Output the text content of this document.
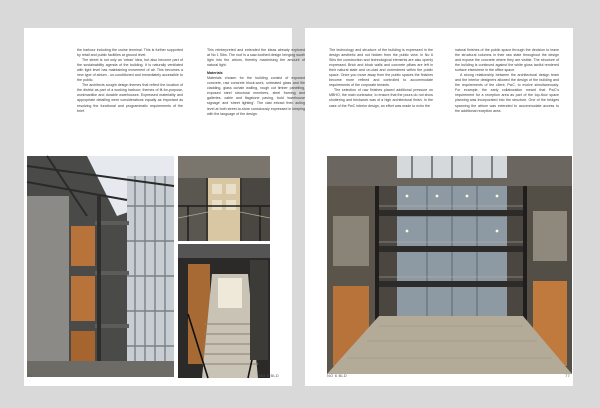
the harbour including the cruise terminal. This is further supported by retail and public facilities at ground level.

The street is not only an 'urban' idea, but also become part of the sustainability agenda of the building. It is naturally ventilated with light level has maintaining movement of air. This becomes a new type of atrium - un-conditioned and immediately accessible to the public.

The architects sought design themes that reflect the location of the district as part of a working harbour; themes of fit-for-purpose, workmanlike and durable warehouses. Expressed materiality and appropriate detailing were considerations equally as important as resolving the functional and programmatic requirements of the brief.

This reinterpreted and extended the ideas already explored at No 1 Sibs. The roof is a saw-toothed design bringing south light into the atrium, thereby maximising the amount of natural light.

Materials

Materials chosen for the building consist of exposed concrete, raw concrete block-work, untreated glass and tile cladding, glass curtain walling, rough cut timber panelling, exposed steel structural members, steel framing and galleries, cable and flagstone paving, bold 'warehouse signage' and 'street lighting'. The vast extract then acting level at both street-to-store consciously expressed in keeping with the language of the design.

76	NO 6 BLD

The technology and structure of the building is expressed in the design aesthetic and not hidden from the public view. In No 6 Sibs the construction and technological elements are also openly expressed. Brick and block walls and concrete pillars are left in their natural state and un-clad and unrendered within the public space. Once you move away from the public spaces the finishes become more refined and controlled to accommodate requirements of the corporate tenants.

The selection of raw finishes placed additional pressure on MBHO, the main contractor, to ensure that the pours do not show shuttering and brickwork was of a high architectural finish. In the case of the PwC interior design, an effort was made to echo the

natural finishes of the public space through the decision to leave the structural columns in their raw state throughout the design and expose the concrete where they are visible. The structure of the building is continued against the white gloss tactful rendered surface elsewhere in the office space.

A strong relationship between the architectural design team and the interior designers allowed the design of the building and the requirements of the client, PwC, to evolve simultaneously. For example, the early collaboration meant that PwC's requirement for a reception area as part of the top-floor space planning was incorporated into the structure. One of the bridges spanning the atrium was extended to accommodate access to the additional reception area.

77
NO 6 BLD
